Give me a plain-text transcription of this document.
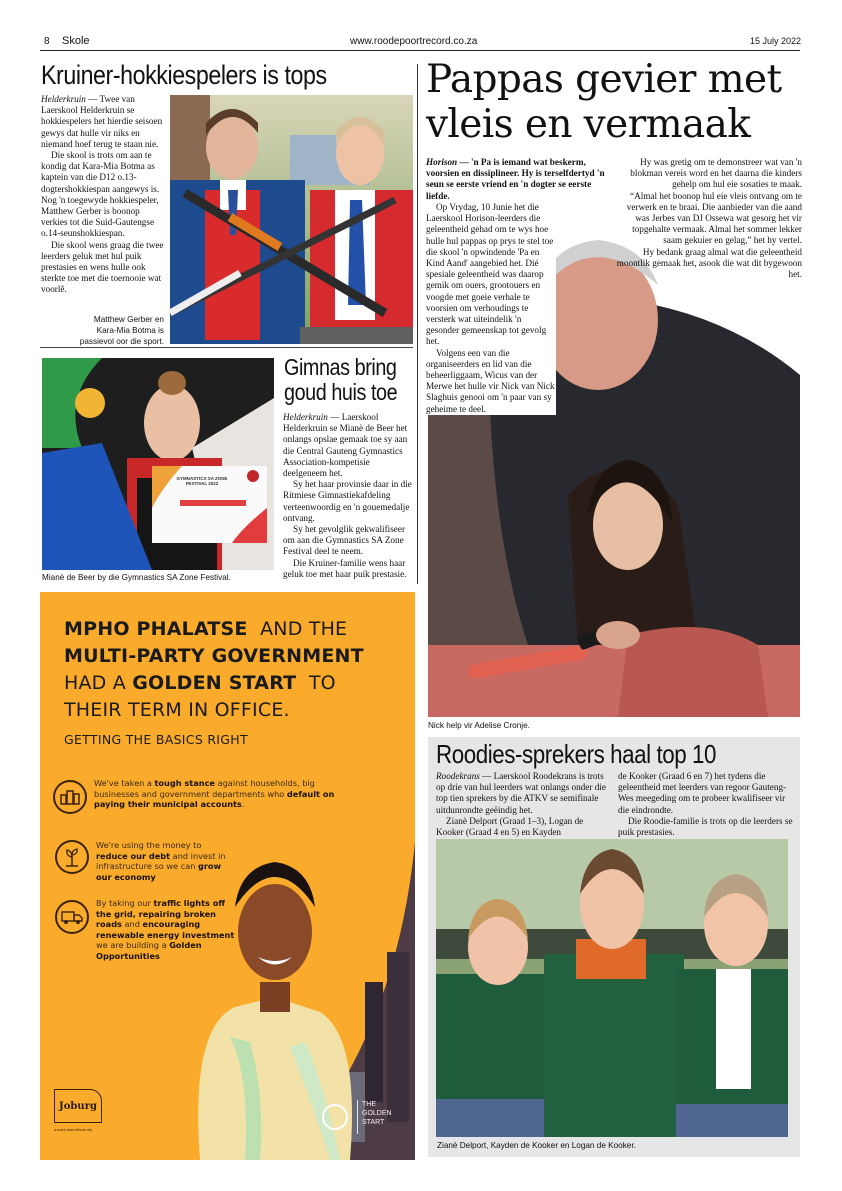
8 Skole	www.roodepoortrecord.co.za	15 July 2022
Kruiner-hokkiespelers is tops

Helderkruin — Twee van Laerskool Helderkruin se hokkiespelers het hierdie seisoen gewys dat hulle vir niks en niemand hoef terug te staan nie.

Die skool is trots om aan te kondig dat Kara-Mia Botma as kaptein van die D12 o.13-dogtershokkiespan aangewys is. Nog 'n toegewyde hokkiespeler, Matthew Gerber is boonop verkies tot die Suid-Gautengse o.14-seunshokkiespan.

Die skool wens graag die twee leerders geluk met hul puik prestasies en wens hulle ook sterkte toe met die toernooie wat voorlê.

Matthew Gerber en Kara-Mia Botma is passievol oor die sport.
GYMNASTICS SA ZONE FESTIVAL 2022
Mianè de Beer by die Gymnastics SA Zone Festival.
Gimnas bring
goud huis toe

Helderkruin — Laerskool Helderkruin se Mianè de Beer het onlangs opslae gemaak toe sy aan die Central Gauteng Gymnastics Association-kompetisie deelgeneem het.

Sy het haar provinsie daar in die Ritmiese Gimnastiekafdeling verteenwoordig en 'n gouemedalje ontvang.

Sy het gevolglik gekwalifiseer om aan die Gymnastics SA Zone Festival deel te neem.

Die Kruiner-familie wens haar geluk toe met haar puik prestasie.

MPHO PHALATSE AND THE
MULTI-PARTY GOVERNMENT
HAD A GOLDEN START TO
THEIR TERM IN OFFICE.
GETTING THE BASICS RIGHT
We've taken a tough stance against households, big businesses and government departments who default on paying their municipal accounts.
We're using the money to reduce our debt and invest in infrastructure so we can grow our economy
By taking our traffic lights off the grid, repairing broken roads and encouraging renewable energy investment we are building a Golden Opportunities
Joburg
a world class African city
THE
GOLDEN
START
Pappas gevier met
vleis en vermaak

Horison — 'n Pa is iemand wat beskerm, voorsien en dissiplineer. Hy is terselfdertyd 'n seun se eerste vriend en 'n dogter se eerste liefde.

Op Vrydag, 10 Junie het die Laerskool Horison-leerders die geleentheid gehad om te wys hoe hulle hul pappas op prys te stel toe die skool 'n opwindende 'Pa en Kind Aand' aangebied het. Dié spesiale geleentheid was daarop gemik om ouers, grootouers en voogde met goeie verhale te voorsien om verhoudings te versterk wat uiteindelik 'n gesonder gemeenskap tot gevolg het.

Volgens een van die organiseerders en lid van die beheerliggaam, Wicus van der Merwe het hulle vir Nick van Nick Slaghuis genooi om 'n paar van sy geheime te deel.

Hy was gretig om te demonstreer wat van 'n blokman vereis word en het daarna die kinders gehelp om hul eie sosaties te maak.

“Almal het boonop hul eie vleis ontvang om te verwerk en te braai. Die aanbieder van die aand was Jerbes van DJ Ossewa wat gesorg het vir topgehalte vermaak. Almal het sommer lekker saam gekuier en gelag,” het hy vertel.

Hy bedank graag almal wat die geleentheid moontlik gemaak het, asook die wat dit bygewoon het.

Nick help vir Adelise Cronje.
Roodies-sprekers haal top 10

Roodekrans — Laerskool Roodekrans is trots op drie van hul leerders wat onlangs onder die top tien sprekers by die ATKV se semifinale uitdunrondte geëindig het.

Zianè Delport (Graad 1–3), Logan de Kooker (Graad 4 en 5) en Kayden

de Kooker (Graad 6 en 7) het tydens die geleentheid met leerders van regoor Gauteng-Wes meegeding om te probeer kwalifiseer vir die eindrondte.

Die Roodie-familie is trots op die leerders se puik prestasies.

Zianè Delport, Kayden de Kooker en Logan de Kooker.
